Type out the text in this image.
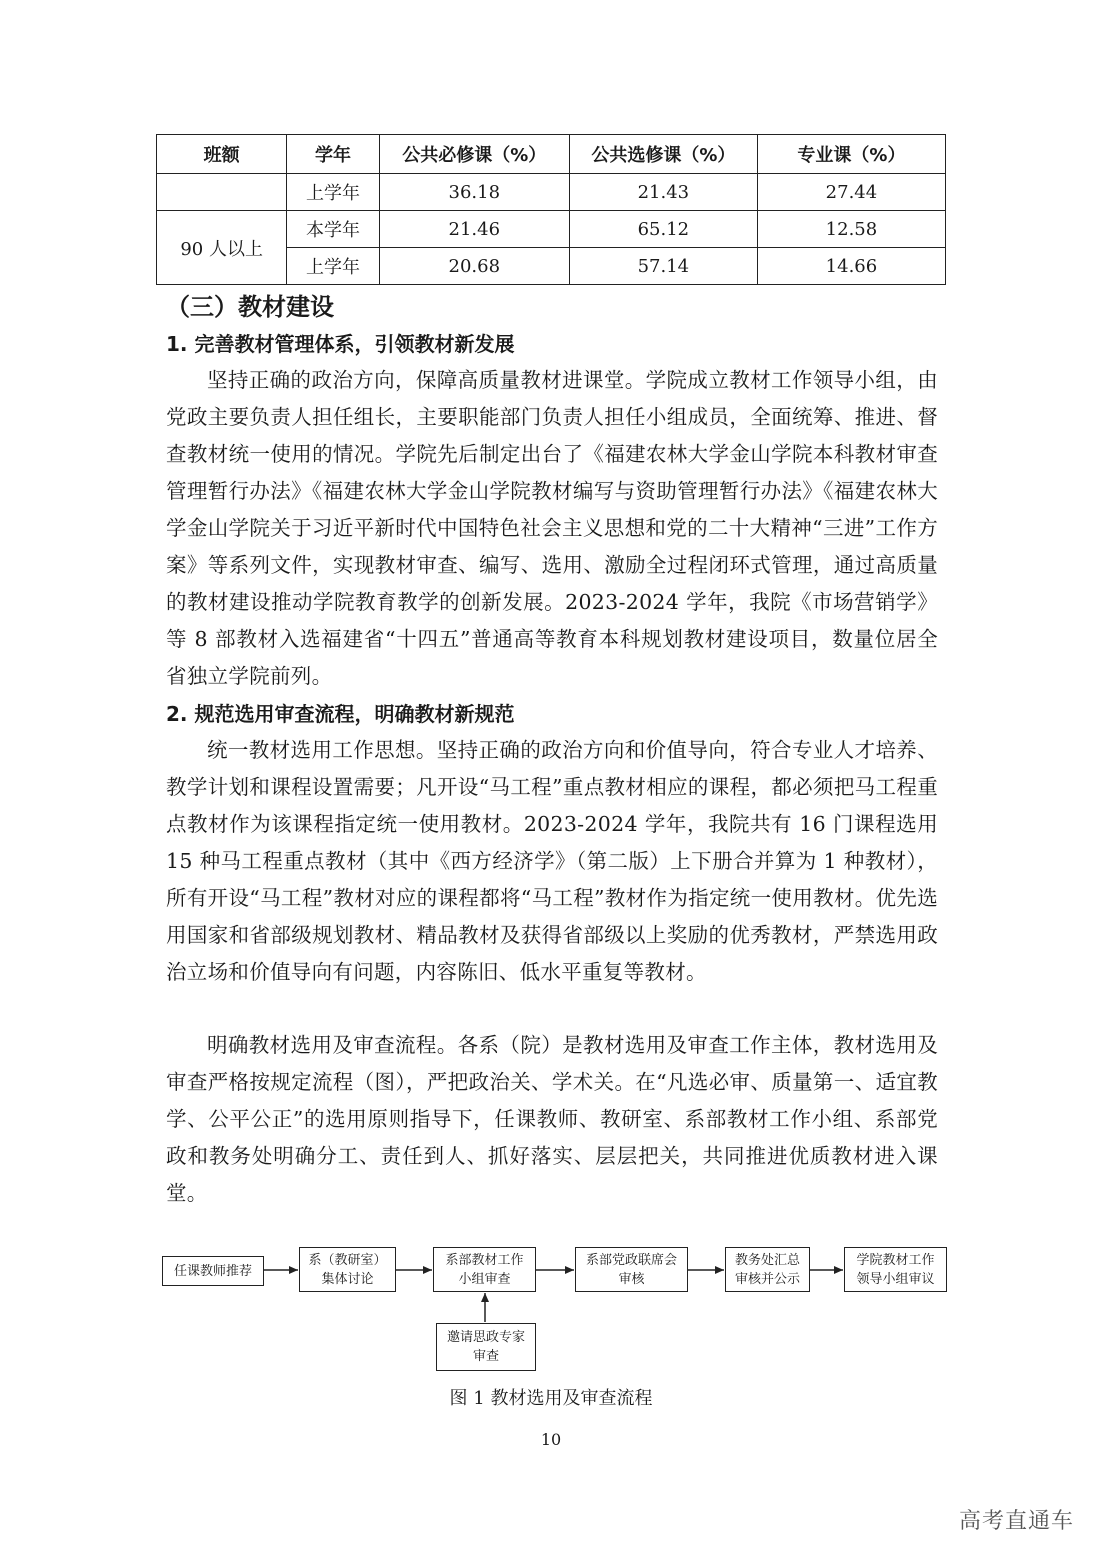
班额	学年	公共必修课（%）	公共选修课（%）	专业课（%）
	上学年	36.18	21.43	27.44
90 人以上	本学年	21.46	65.12	12.58
	上学年	20.68	57.14	14.66
（三）教材建设
1. 完善教材管理体系，引领教材新发展

坚持正确的政治方向，保障高质量教材进课堂。学院成立教材工作领导小组，由党政主要负责人担任组长，主要职能部门负责人担任小组成员，全面统筹、推进、督查教材统一使用的情况。学院先后制定出台了《福建农林大学金山学院本科教材审查管理暂行办法》《福建农林大学金山学院教材编写与资助管理暂行办法》《福建农林大学金山学院关于习近平新时代中国特色社会主义思想和党的二十大精神“三进”工作方案》等系列文件，实现教材审查、编写、选用、激励全过程闭环式管理，通过高质量的教材建设推动学院教育教学的创新发展。2023-2024 学年，我院《市场营销学》等 8 部教材入选福建省“十四五”普通高等教育本科规划教材建设项目，数量位居全省独立学院前列。

2. 规范选用审查流程，明确教材新规范

统一教材选用工作思想。坚持正确的政治方向和价值导向，符合专业人才培养、教学计划和课程设置需要；凡开设“马工程”重点教材相应的课程，都必须把马工程重点教材作为该课程指定统一使用教材。2023-2024 学年，我院共有 16 门课程选用 15 种马工程重点教材（其中《西方经济学》（第二版）上下册合并算为 1 种教材），所有开设“马工程”教材对应的课程都将“马工程”教材作为指定统一使用教材。优先选用国家和省部级规划教材、精品教材及获得省部级以上奖励的优秀教材，严禁选用政治立场和价值导向有问题，内容陈旧、低水平重复等教材。

明确教材选用及审查流程。各系（院）是教材选用及审查工作主体，教材选用及审查严格按规定流程（图），严把政治关、学术关。在“凡选必审、质量第一、适宜教学、公平公正”的选用原则指导下，任课教师、教研室、系部教材工作小组、系部党政和教务处明确分工、责任到人、抓好落实、层层把关，共同推进优质教材进入课堂。

任课教师推荐
系（教研室）
集体讨论
系部教材工作
小组审查
系部党政联席会
审核
教务处汇总
审核并公示
学院教材工作
领导小组审议
邀请思政专家
审查
图 1 教材选用及审查流程
10
高考直通车
